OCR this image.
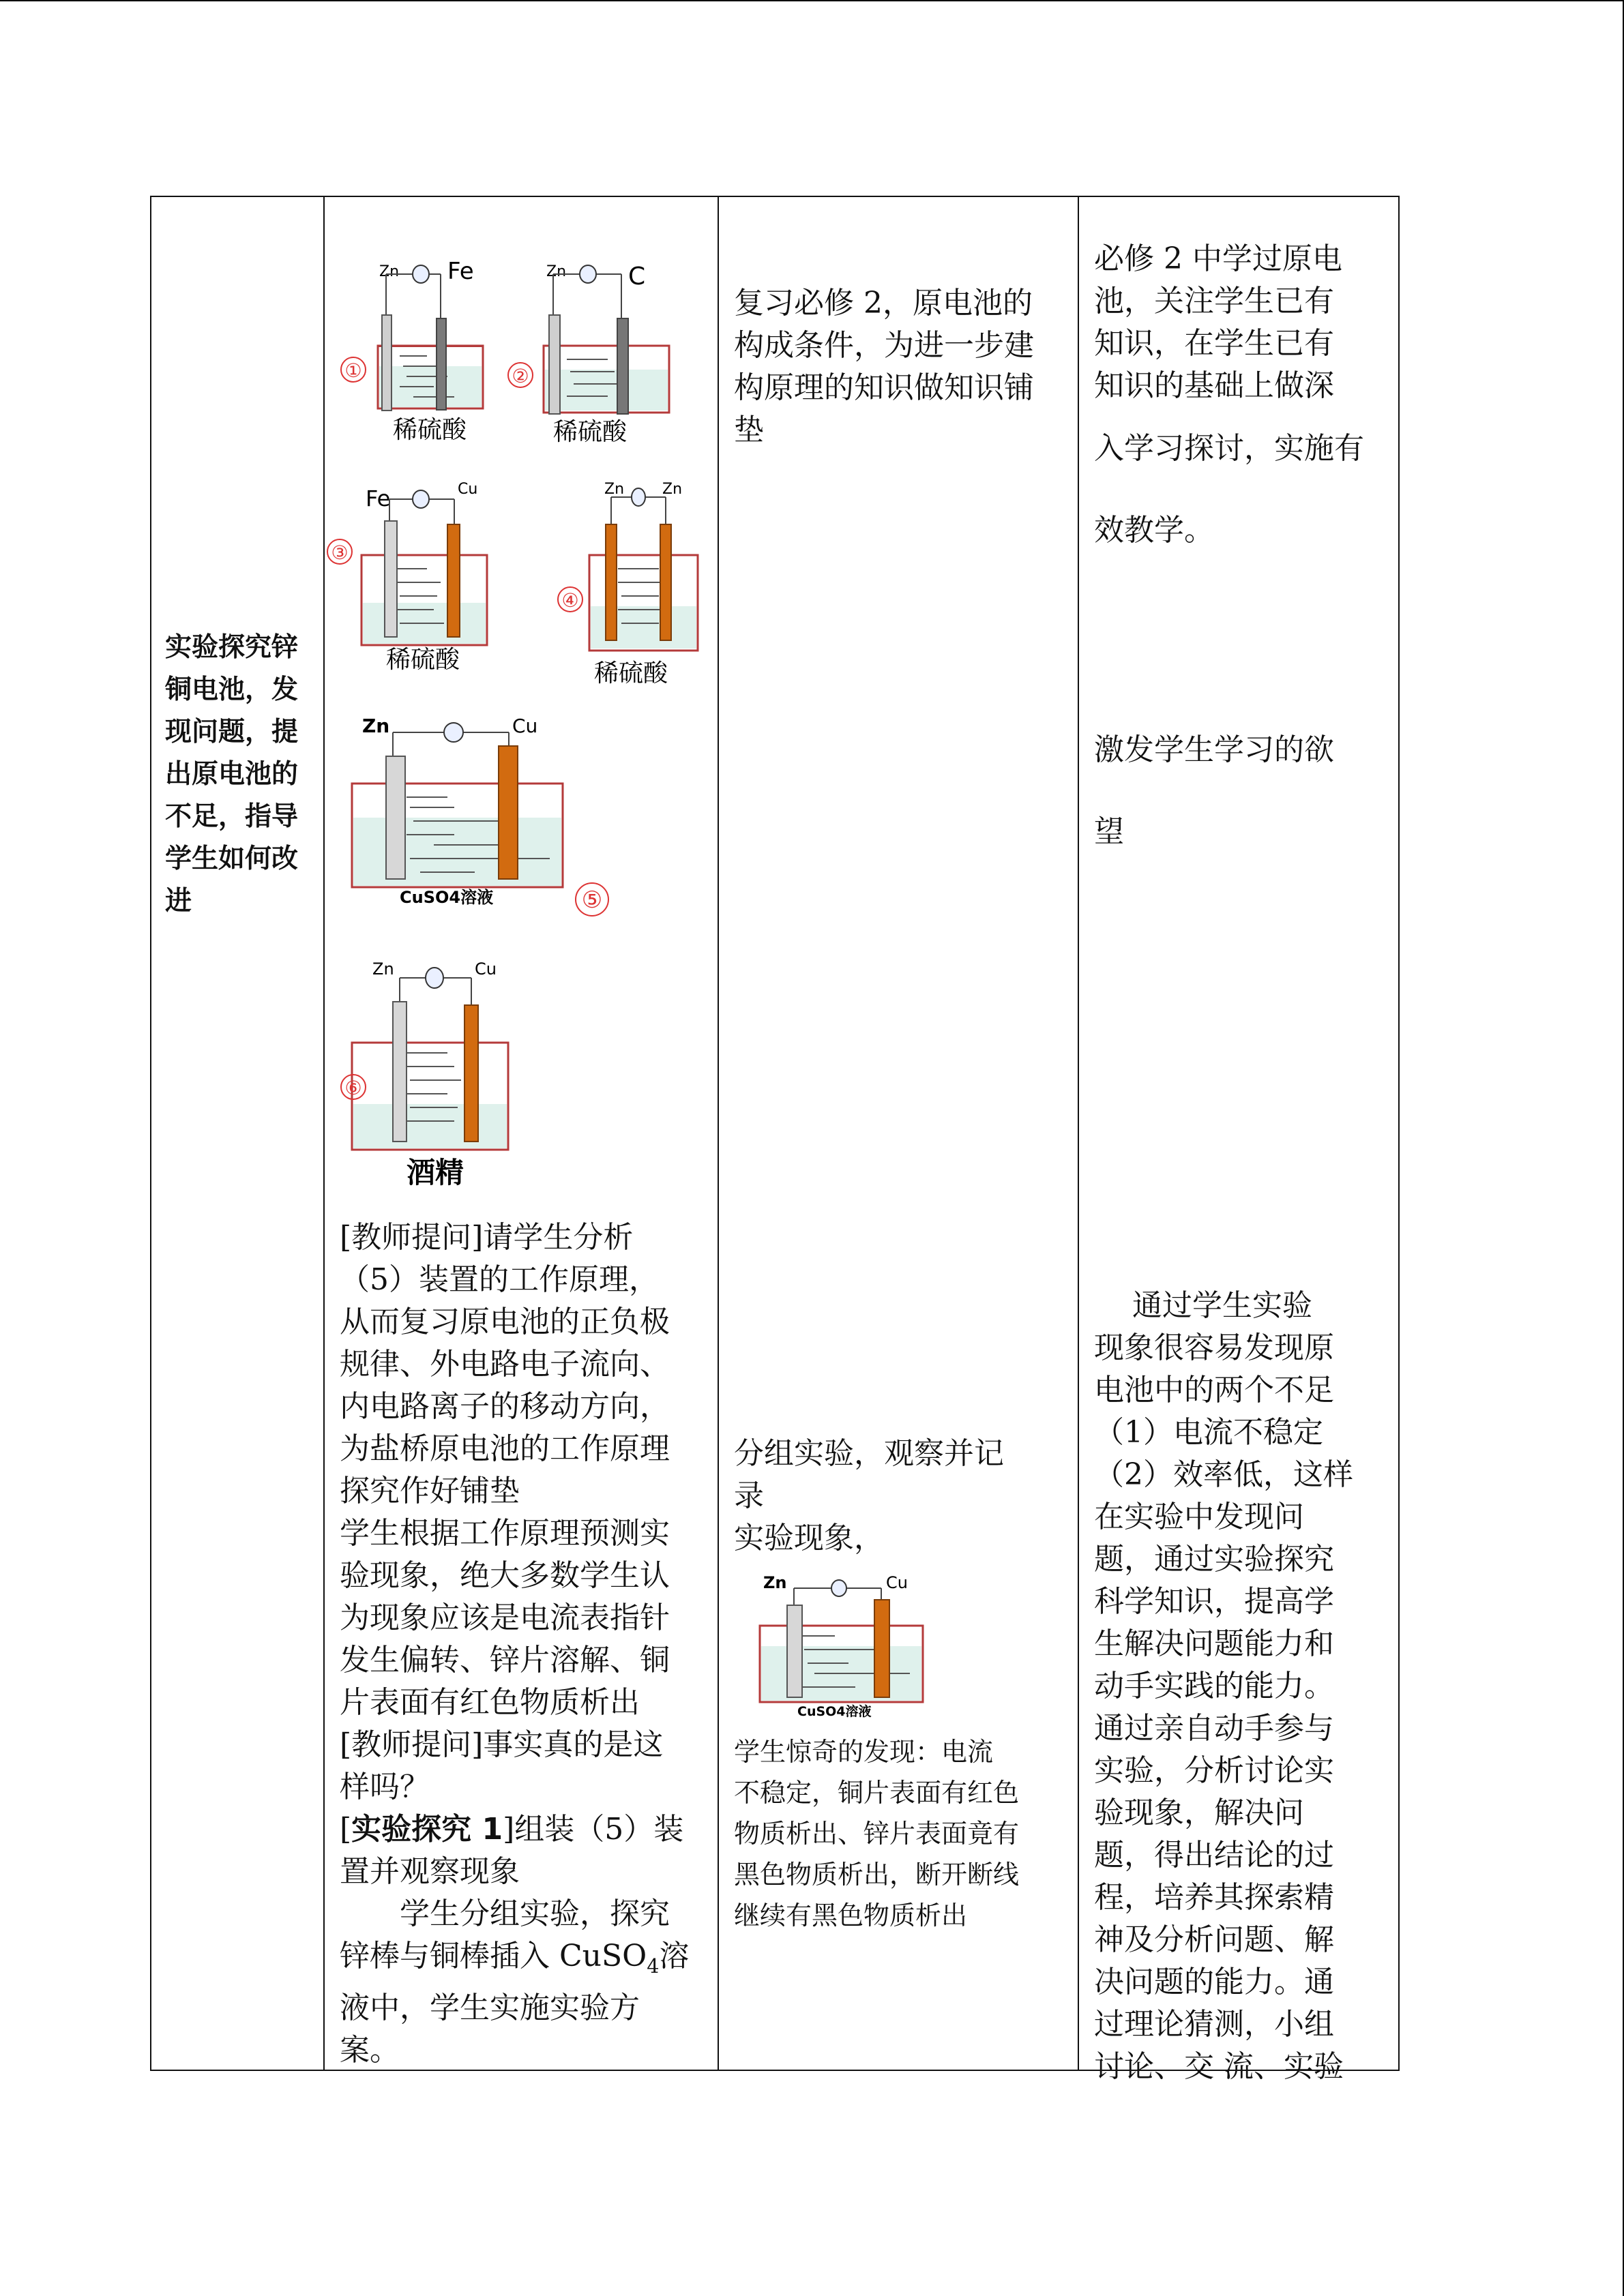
实验探究锌铜电池，发现问题，提出原电池的不足，指导学生如何改进

Zn Fe
①
稀硫酸
Zn	C
②
稀硫酸
Fe	Cu
③
稀硫酸
Zn	Zn
④
稀硫酸
Zn	Cu
CuSO4溶液	⑤
Zn	Cu
⑥
酒精
[教师提问]请学生分析
（5）装置的工作原理，
从而复习原电池的正负极
规律、外电路电子流向、
内电路离子的移动方向，
为盐桥原电池的工作原理
探究作好铺垫
学生根据工作原理预测实
验现象，绝大多数学生认
为现象应该是电流表指针
发生偏转、锌片溶解、铜
片表面有红色物质析出
[教师提问]事实真的是这
样吗？
[实验探究 1]组装（5）装
置并观察现象
学生分组实验，探究
锌棒与铜棒插入 CuSO$_4$溶
液中，学生实施实验方
案。

复习必修 2，原电池的
构成条件，为进一步建
构原理的知识做知识铺
垫
分组实验，观察并记
录
实验现象，
Zn	Cu
CuSO4溶液
学生惊奇的发现：电流
不稳定，铜片表面有红色
物质析出、锌片表面竟有
黑色物质析出，断开断线
继续有黑色物质析出

必修 2 中学过原电
池，关注学生已有
知识，在学生已有
知识的基础上做深
入学习探讨，实施有
效教学。
激发学生学习的欲
望
通过学生实验
现象很容易发现原
电池中的两个不足
（1）电流不稳定
（2）效率低，这样
在实验中发现问
题，通过实验探究
科学知识，提高学
生解决问题能力和
动手实践的能力。
通过亲自动手参与
实验，分析讨论实
验现象，解决问
题，得出结论的过
程，培养其探索精
神及分析问题、解
决问题的能力。通
过理论猜测，小组
讨论、交 流、实验
